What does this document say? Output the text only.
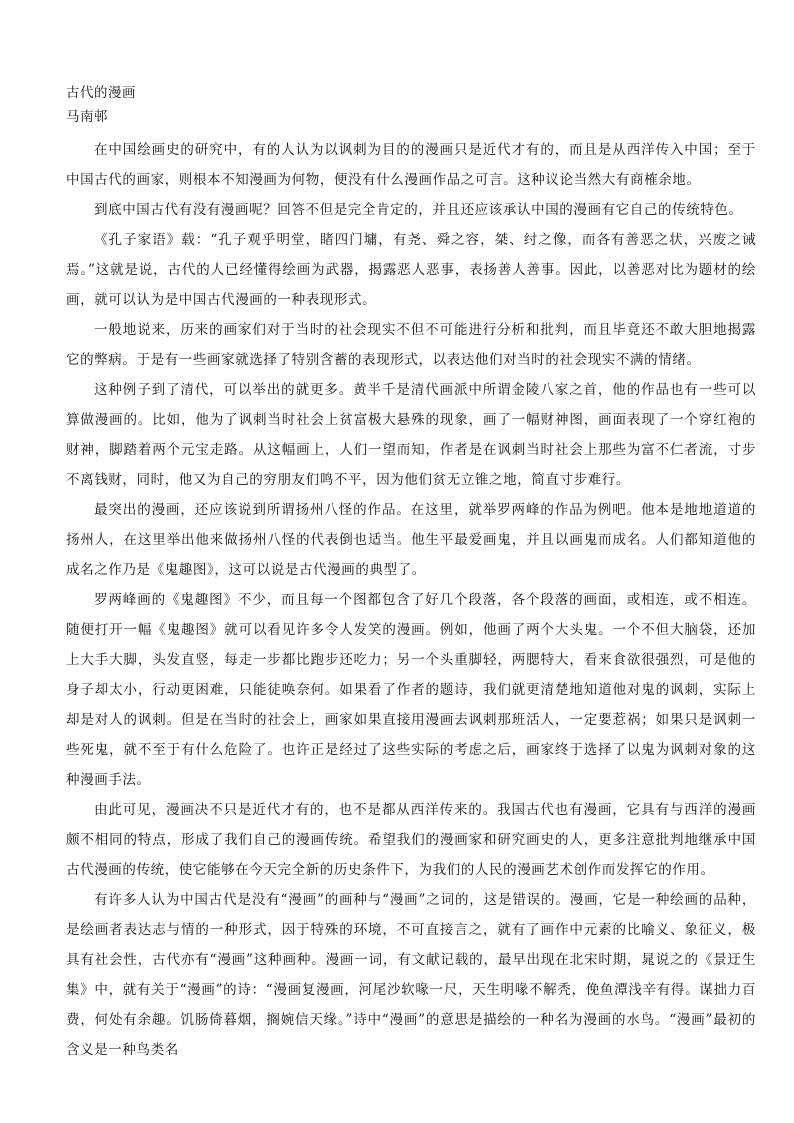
古代的漫画

马南邨

在中国绘画史的研究中，有的人认为以讽刺为目的的漫画只是近代才有的，而且是从西洋传入中国；至于中国古代的画家，则根本不知漫画为何物，便没有什么漫画作品之可言。这种议论当然大有商榷余地。

到底中国古代有没有漫画呢？回答不但是完全肯定的，并且还应该承认中国的漫画有它自己的传统特色。

《孔子家语》载：“孔子观乎明堂，睹四门墉，有尧、舜之容，桀、纣之像，而各有善恶之状，兴废之诫焉。”这就是说，古代的人已经懂得绘画为武器，揭露恶人恶事，表扬善人善事。因此，以善恶对比为题材的绘画，就可以认为是中国古代漫画的一种表现形式。

一般地说来，历来的画家们对于当时的社会现实不但不可能进行分析和批判，而且毕竟还不敢大胆地揭露它的弊病。于是有一些画家就选择了特别含蓄的表现形式，以表达他们对当时的社会现实不满的情绪。

这种例子到了清代，可以举出的就更多。黄半千是清代画派中所谓金陵八家之首，他的作品也有一些可以算做漫画的。比如，他为了讽刺当时社会上贫富极大悬殊的现象，画了一幅财神图，画面表现了一个穿红袍的财神，脚踏着两个元宝走路。从这幅画上，人们一望而知，作者是在讽刺当时社会上那些为富不仁者流，寸步不离钱财，同时，他又为自己的穷朋友们鸣不平，因为他们贫无立锥之地，简直寸步难行。

最突出的漫画，还应该说到所谓扬州八怪的作品。在这里，就举罗两峰的作品为例吧。他本是地地道道的扬州人，在这里举出他来做扬州八怪的代表倒也适当。他生平最爱画鬼，并且以画鬼而成名。人们都知道他的成名之作乃是《鬼趣图》，这可以说是古代漫画的典型了。

罗两峰画的《鬼趣图》不少，而且每一个图都包含了好几个段落，各个段落的画面，或相连，或不相连。随便打开一幅《鬼趣图》就可以看见许多令人发笑的漫画。例如，他画了两个大头鬼。一个不但大脑袋，还加上大手大脚，头发直竖，每走一步都比跑步还吃力；另一个头重脚轻，两腮特大，看来食欲很强烈，可是他的身子却太小，行动更困难，只能徒唤奈何。如果看了作者的题诗，我们就更清楚地知道他对鬼的讽刺，实际上却是对人的讽刺。但是在当时的社会上，画家如果直接用漫画去讽刺那班活人，一定要惹祸；如果只是讽刺一些死鬼，就不至于有什么危险了。也许正是经过了这些实际的考虑之后，画家终于选择了以鬼为讽刺对象的这种漫画手法。

由此可见，漫画决不只是近代才有的，也不是都从西洋传来的。我国古代也有漫画，它具有与西洋的漫画颇不相同的特点，形成了我们自己的漫画传统。希望我们的漫画家和研究画史的人，更多注意批判地继承中国古代漫画的传统，使它能够在今天完全新的历史条件下，为我们的人民的漫画艺术创作而发挥它的作用。

有许多人认为中国古代是没有“漫画”的画种与“漫画”之词的，这是错误的。漫画，它是一种绘画的品种，是绘画者表达志与情的一种形式，因于特殊的环境，不可直接言之，就有了画作中元素的比喻义、象征义，极具有社会性，古代亦有“漫画”这种画种。漫画一词，有文献记载的，最早出现在北宋时期，晁说之的《景迂生集》中，就有关于“漫画”的诗：“漫画复漫画，河尾沙软喙一尺，天生明喙不解秃，俛鱼潭浅辛有得。谋拙力百费，何处有余趣。饥肠倚暮烟，搁婉信天缘。”诗中“漫画”的意思是描绘的一种名为漫画的水鸟。“漫画”最初的含义是一种鸟类名
